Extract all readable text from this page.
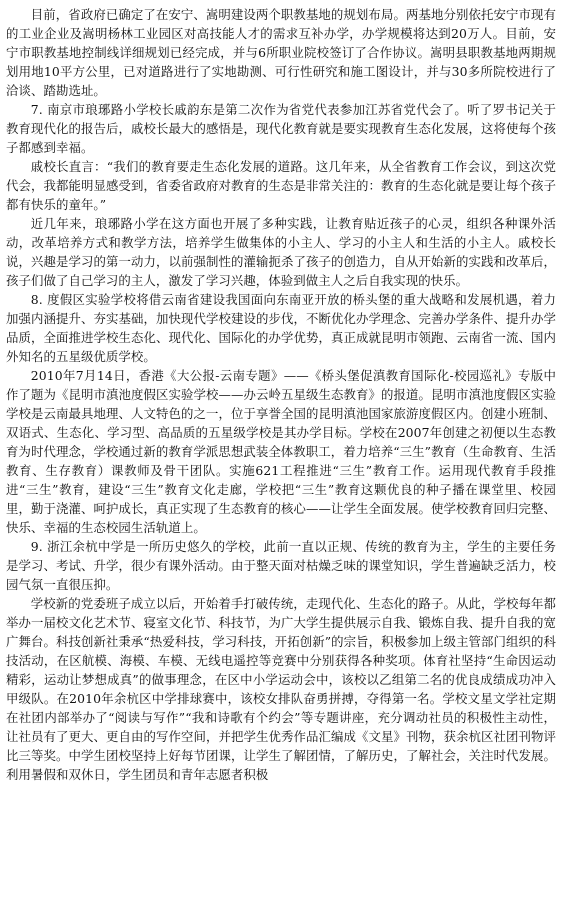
目前，省政府已确定了在安宁、嵩明建设两个职教基地的规划布局。两基地分别依托安宁市现有的工业企业及嵩明杨林工业园区对高技能人才的需求互补办学，办学规模将达到20万人。目前，安宁市职教基地控制线详细规划已经完成，并与6所职业院校签订了合作协议。嵩明县职教基地两期规划用地10平方公里，已对道路进行了实地勘测、可行性研究和施工图设计，并与30多所院校进行了洽谈、踏勘选址。

7. 南京市琅琊路小学校长戚韵东是第二次作为省党代表参加江苏省党代会了。听了罗书记关于教育现代化的报告后，戚校长最大的感悟是，现代化教育就是要实现教育生态化发展，这将使每个孩子都感到幸福。

戚校长直言：“我们的教育要走生态化发展的道路。这几年来，从全省教育工作会议，到这次党代会，我都能明显感受到，省委省政府对教育的生态是非常关注的：教育的生态化就是要让每个孩子都有快乐的童年。”

近几年来，琅琊路小学在这方面也开展了多种实践，让教育贴近孩子的心灵，组织各种课外活动，改革培养方式和教学方法，培养学生做集体的小主人、学习的小主人和生活的小主人。戚校长说，兴趣是学习的第一动力，以前强制性的灌输扼杀了孩子的创造力，自从开始新的实践和改革后，孩子们做了自己学习的主人，激发了学习兴趣，体验到做主人之后自我实现的快乐。

8. 度假区实验学校将借云南省建设我国面向东南亚开放的桥头堡的重大战略和发展机遇，着力加强内涵提升、夯实基础，加快现代学校建设的步伐，不断优化办学理念、完善办学条件、提升办学品质，全面推进学校生态化、现代化、国际化的办学优势，真正成就昆明市领跑、云南省一流、国内外知名的五星级优质学校。

2010年7月14日，香港《大公报-云南专题》——《桥头堡促滇教育国际化-校园巡礼》专版中作了题为《昆明市滇池度假区实验学校——办云岭五星级生态教育》的报道。昆明市滇池度假区实验学校是云南最具地理、人文特色的之一，位于享誉全国的昆明滇池国家旅游度假区内。创建小班制、双语式、生态化、学习型、高品质的五星级学校是其办学目标。学校在2007年创建之初便以生态教育为时代理念，学校通过新的教育学派思想武装全体教职工，着力培养“三生”教育（生命教育、生活教育、生存教育）课教师及骨干团队。实施621工程推进“三生”教育工作。运用现代教育手段推进“三生”教育，建设“三生”教育文化走廊，学校把“三生”教育这颗优良的种子播在课堂里、校园里，勤于浇灌、呵护成长，真正实现了生态教育的核心——让学生全面发展。使学校教育回归完整、快乐、幸福的生态校园生活轨道上。

9. 浙江余杭中学是一所历史悠久的学校，此前一直以正规、传统的教育为主，学生的主要任务是学习、考试、升学，很少有课外活动。由于整天面对枯燥乏味的课堂知识，学生普遍缺乏活力，校园气氛一直很压抑。

学校新的党委班子成立以后，开始着手打破传统，走现代化、生态化的路子。从此，学校每年都举办一届校文化艺术节、寝室文化节、科技节，为广大学生提供展示自我、锻炼自我、提升自我的宽广舞台。科技创新社秉承“热爱科技，学习科技，开拓创新”的宗旨，积极参加上级主管部门组织的科技活动，在区航模、海模、车模、无线电遥控等竞赛中分别获得各种奖项。体育社坚持“生命因运动精彩，运动让梦想成真”的做事理念，在区中小学运动会中，该校以乙组第二名的优良成绩成功冲入甲级队。在2010年余杭区中学排球赛中，该校女排队奋勇拼搏，夺得第一名。学校文星文学社定期在社团内部举办了“阅读与写作”“我和诗歌有个约会”等专题讲座，充分调动社员的积极性主动性，让社员有了更大、更自由的写作空间，并把学生优秀作品汇编成《文星》刊物，获余杭区社团刊物评比三等奖。中学生团校坚持上好每节团课，让学生了解团情，了解历史，了解社会，关注时代发展。利用暑假和双休日，学生团员和青年志愿者积极
